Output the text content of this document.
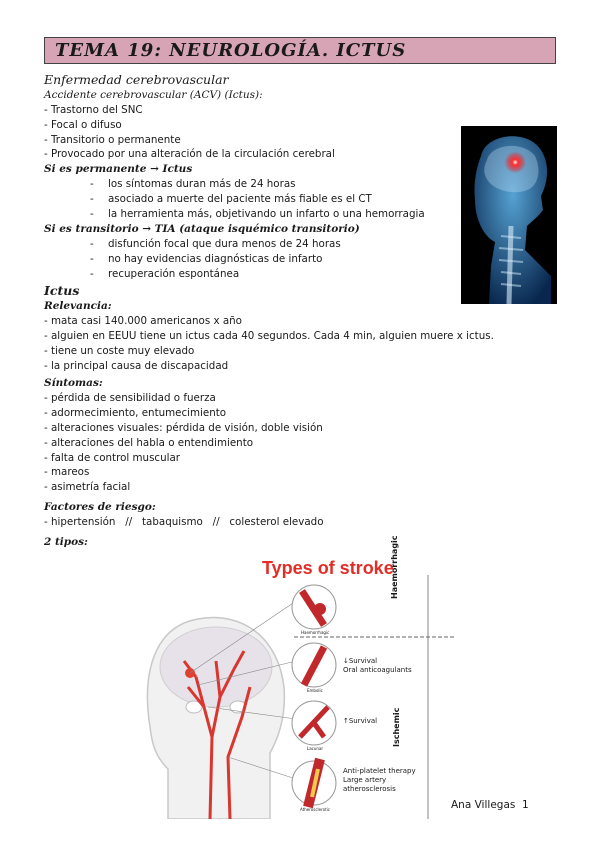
TEMA 19: NEUROLOGÍA. ICTUS
Enfermedad cerebrovascular
Accidente cerebrovascular (ACV) (Ictus):
- Trastorno del SNC
- Focal o difuso
- Transitorio o permanente
- Provocado por una alteración de la circulación cerebral
Si es permanente → Ictus
- los síntomas duran más de 24 horas
- asociado a muerte del paciente más fiable es el CT
- la herramienta más, objetivando un infarto o una hemorragia
Si es transitorio → TIA (ataque isquémico transitorio)
- disfunción focal que dura menos de 24 horas
- no hay evidencias diagnósticas de infarto
- recuperación espontánea
Ictus
Relevancia:
- mata casi 140.000 americanos x año
- alguien en EEUU tiene un ictus cada 40 segundos. Cada 4 min, alguien muere x ictus.
- tiene un coste muy elevado
- la principal causa de discapacidad
Síntomas:
- pérdida de sensibilidad o fuerza
- adormecimiento, entumecimiento
- alteraciones visuales: pérdida de visión, doble visión
- alteraciones del habla o entendimiento
- falta de control muscular
- mareos
- asimetría facial
Factores de riesgo:
- hipertensión   //   tabaquismo   //   colesterol elevado
2 tipos:
Types of stroke
Haemorrhagic
Ischemic
↓Survival
Oral anticoagulants
↑Survival
Anti-platelet therapy
Large artery
atherosclerosis
Haemorrhagic
Embolic
Lacunar
Atherosclerotic	Ana Villegas  1
